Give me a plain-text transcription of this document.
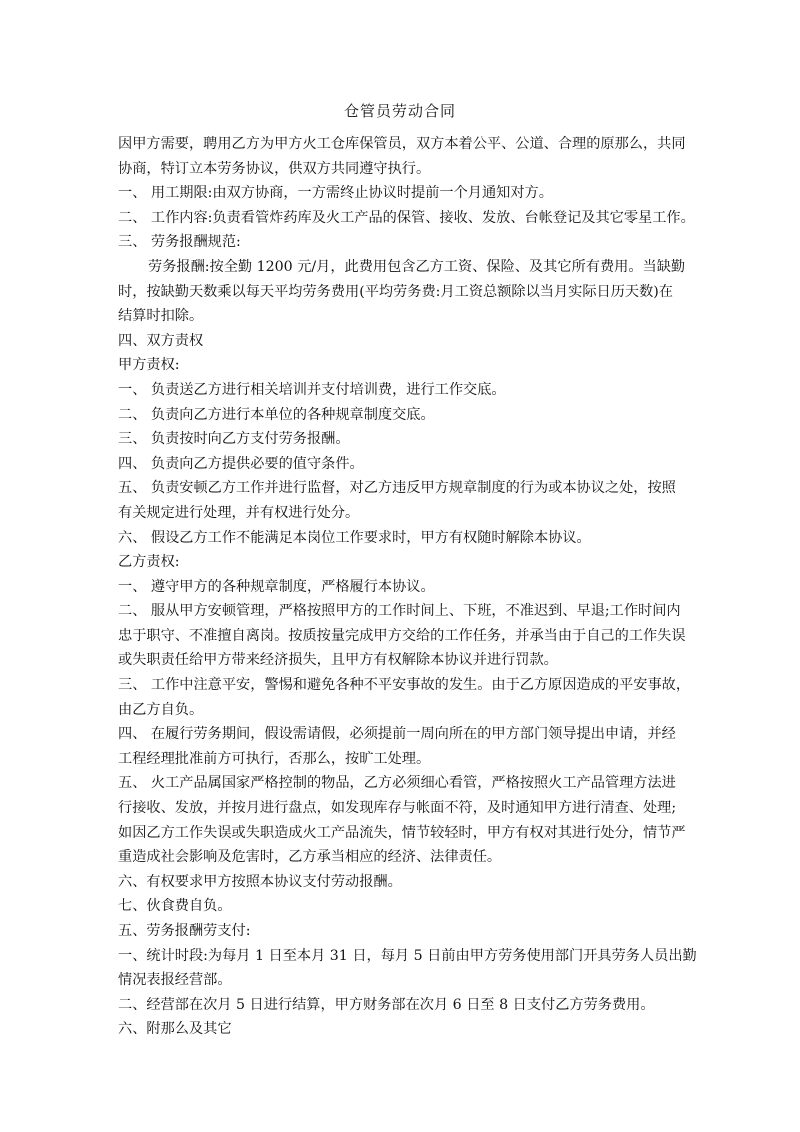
仓管员劳动合同

因甲方需要，聘用乙方为甲方火工仓库保管员，双方本着公平、公道、合理的原那么，共同
协商，特订立本劳务协议，供双方共同遵守执行。

一、 用工期限:由双方协商，一方需终止协议时提前一个月通知对方。
二、 工作内容:负责看管炸药库及火工产品的保管、接收、发放、台帐登记及其它零星工作。
三、 劳务报酬规范:

劳务报酬:按全勤 1200 元/月，此费用包含乙方工资、保险、及其它所有费用。当缺勤
时，按缺勤天数乘以每天平均劳务费用(平均劳务费:月工资总额除以当月实际日历天数)在
结算时扣除。

四、双方责权
甲方责权:
一、 负责送乙方进行相关培训并支付培训费，进行工作交底。
二、 负责向乙方进行本单位的各种规章制度交底。
三、 负责按时向乙方支付劳务报酬。
四、 负责向乙方提供必要的值守条件。
五、 负责安顿乙方工作并进行监督，对乙方违反甲方规章制度的行为或本协议之处，按照
有关规定进行处理，并有权进行处分。
六、 假设乙方工作不能满足本岗位工作要求时，甲方有权随时解除本协议。
乙方责权:
一、 遵守甲方的各种规章制度，严格履行本协议。
二、 服从甲方安顿管理，严格按照甲方的工作时间上、下班，不准迟到、早退;工作时间内
忠于职守、不准擅自离岗。按质按量完成甲方交给的工作任务，并承当由于自己的工作失误
或失职责任给甲方带来经济损失，且甲方有权解除本协议并进行罚款。
三、 工作中注意平安，警惕和避免各种不平安事故的发生。由于乙方原因造成的平安事故，
由乙方自负。
四、 在履行劳务期间，假设需请假，必须提前一周向所在的甲方部门领导提出申请，并经
工程经理批准前方可执行，否那么，按旷工处理。
五、 火工产品属国家严格控制的物品，乙方必须细心看管，严格按照火工产品管理方法进
行接收、发放，并按月进行盘点，如发现库存与帐面不符，及时通知甲方进行清查、处理;
如因乙方工作失误或失职造成火工产品流失，情节较轻时，甲方有权对其进行处分，情节严
重造成社会影响及危害时，乙方承当相应的经济、法律责任。
六、有权要求甲方按照本协议支付劳动报酬。
七、伙食费自负。

五、劳务报酬劳支付:
一、统计时段:为每月 1 日至本月 31 日，每月 5 日前由甲方劳务使用部门开具劳务人员出勤
情况表报经营部。
二、经营部在次月 5 日进行结算，甲方财务部在次月 6 日至 8 日支付乙方劳务费用。
六、附那么及其它
